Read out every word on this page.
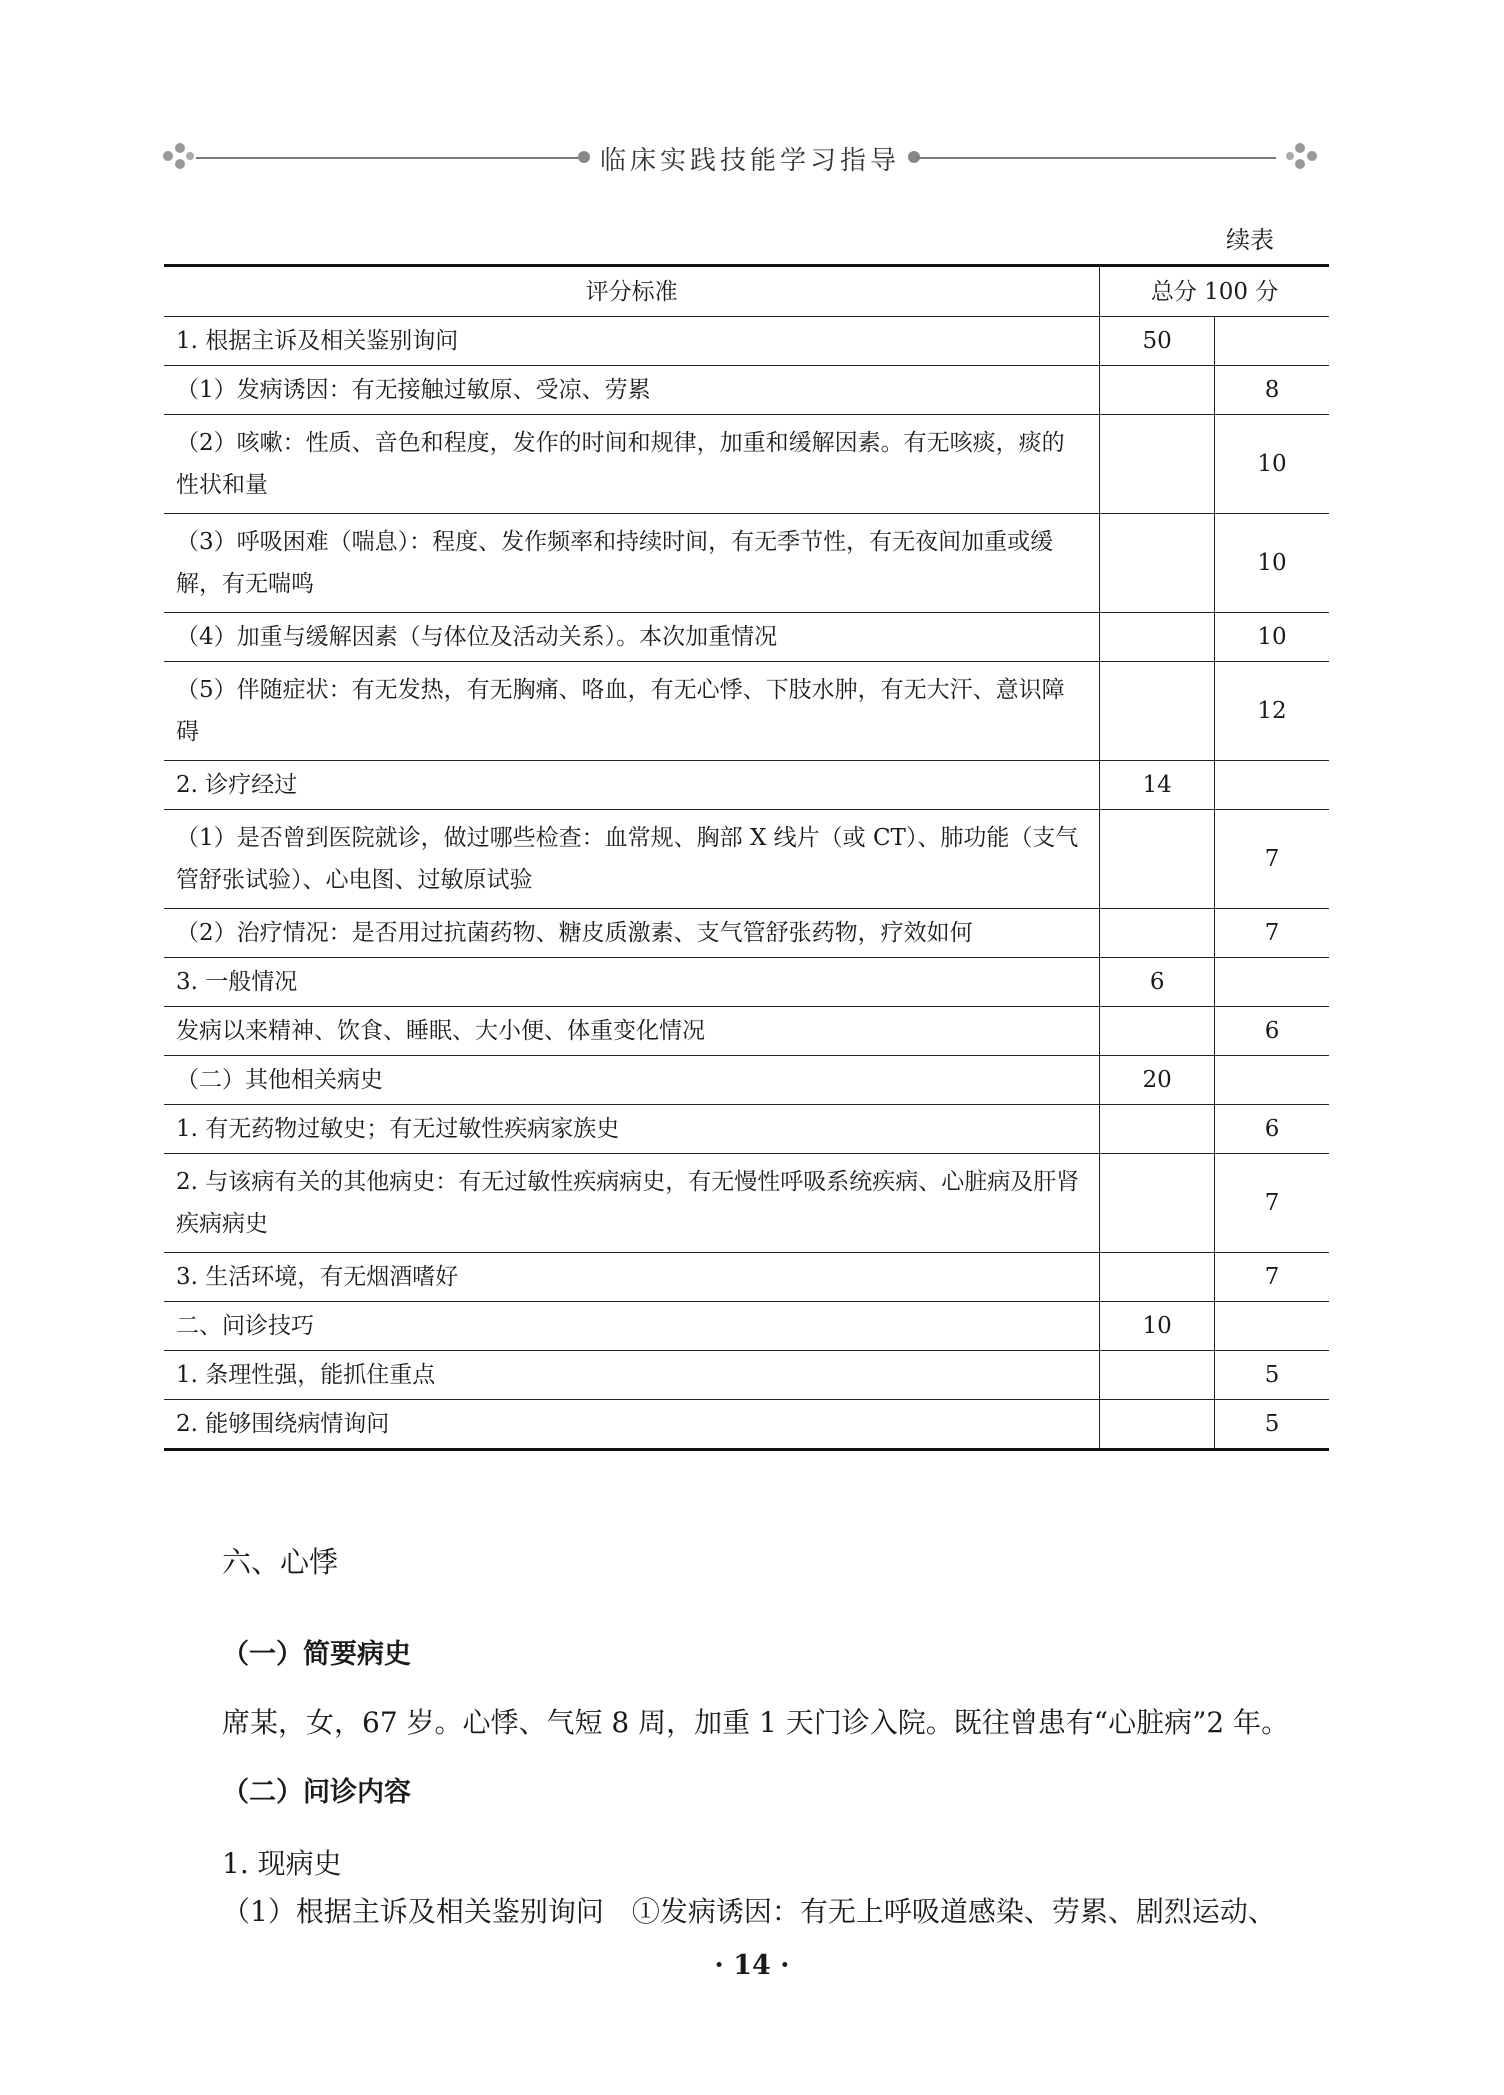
临床实践技能学习指导
续表
评分标准	总分 100 分	
1. 根据主诉及相关鉴别询问	50	
（1）发病诱因：有无接触过敏原、受凉、劳累		8
（2）咳嗽：性质、音色和程度，发作的时间和规律，加重和缓解因素。有无咳痰，痰的性状和量		10
（3）呼吸困难（喘息）：程度、发作频率和持续时间，有无季节性，有无夜间加重或缓解，有无喘鸣		10
（4）加重与缓解因素（与体位及活动关系）。本次加重情况		10
（5）伴随症状：有无发热，有无胸痛、咯血，有无心悸、下肢水肿，有无大汗、意识障碍		12
2. 诊疗经过	14	
（1）是否曾到医院就诊，做过哪些检查：血常规、胸部 X 线片（或 CT）、肺功能（支气管舒张试验）、心电图、过敏原试验		7
（2）治疗情况：是否用过抗菌药物、糖皮质激素、支气管舒张药物，疗效如何		7
3. 一般情况	6	
发病以来精神、饮食、睡眠、大小便、体重变化情况		6
（二）其他相关病史	20	
1. 有无药物过敏史；有无过敏性疾病家族史		6
2. 与该病有关的其他病史：有无过敏性疾病病史，有无慢性呼吸系统疾病、心脏病及肝肾疾病病史		7
3. 生活环境，有无烟酒嗜好		7
二、问诊技巧	10	
1. 条理性强，能抓住重点		5
2. 能够围绕病情询问		5
六、心悸
（一）简要病史
席某，女，67 岁。心悸、气短 8 周，加重 1 天门诊入院。既往曾患有“心脏病”2 年。
（二）问诊内容
1. 现病史
（1）根据主诉及相关鉴别询问　①发病诱因：有无上呼吸道感染、劳累、剧烈运动、
· 14 ·
